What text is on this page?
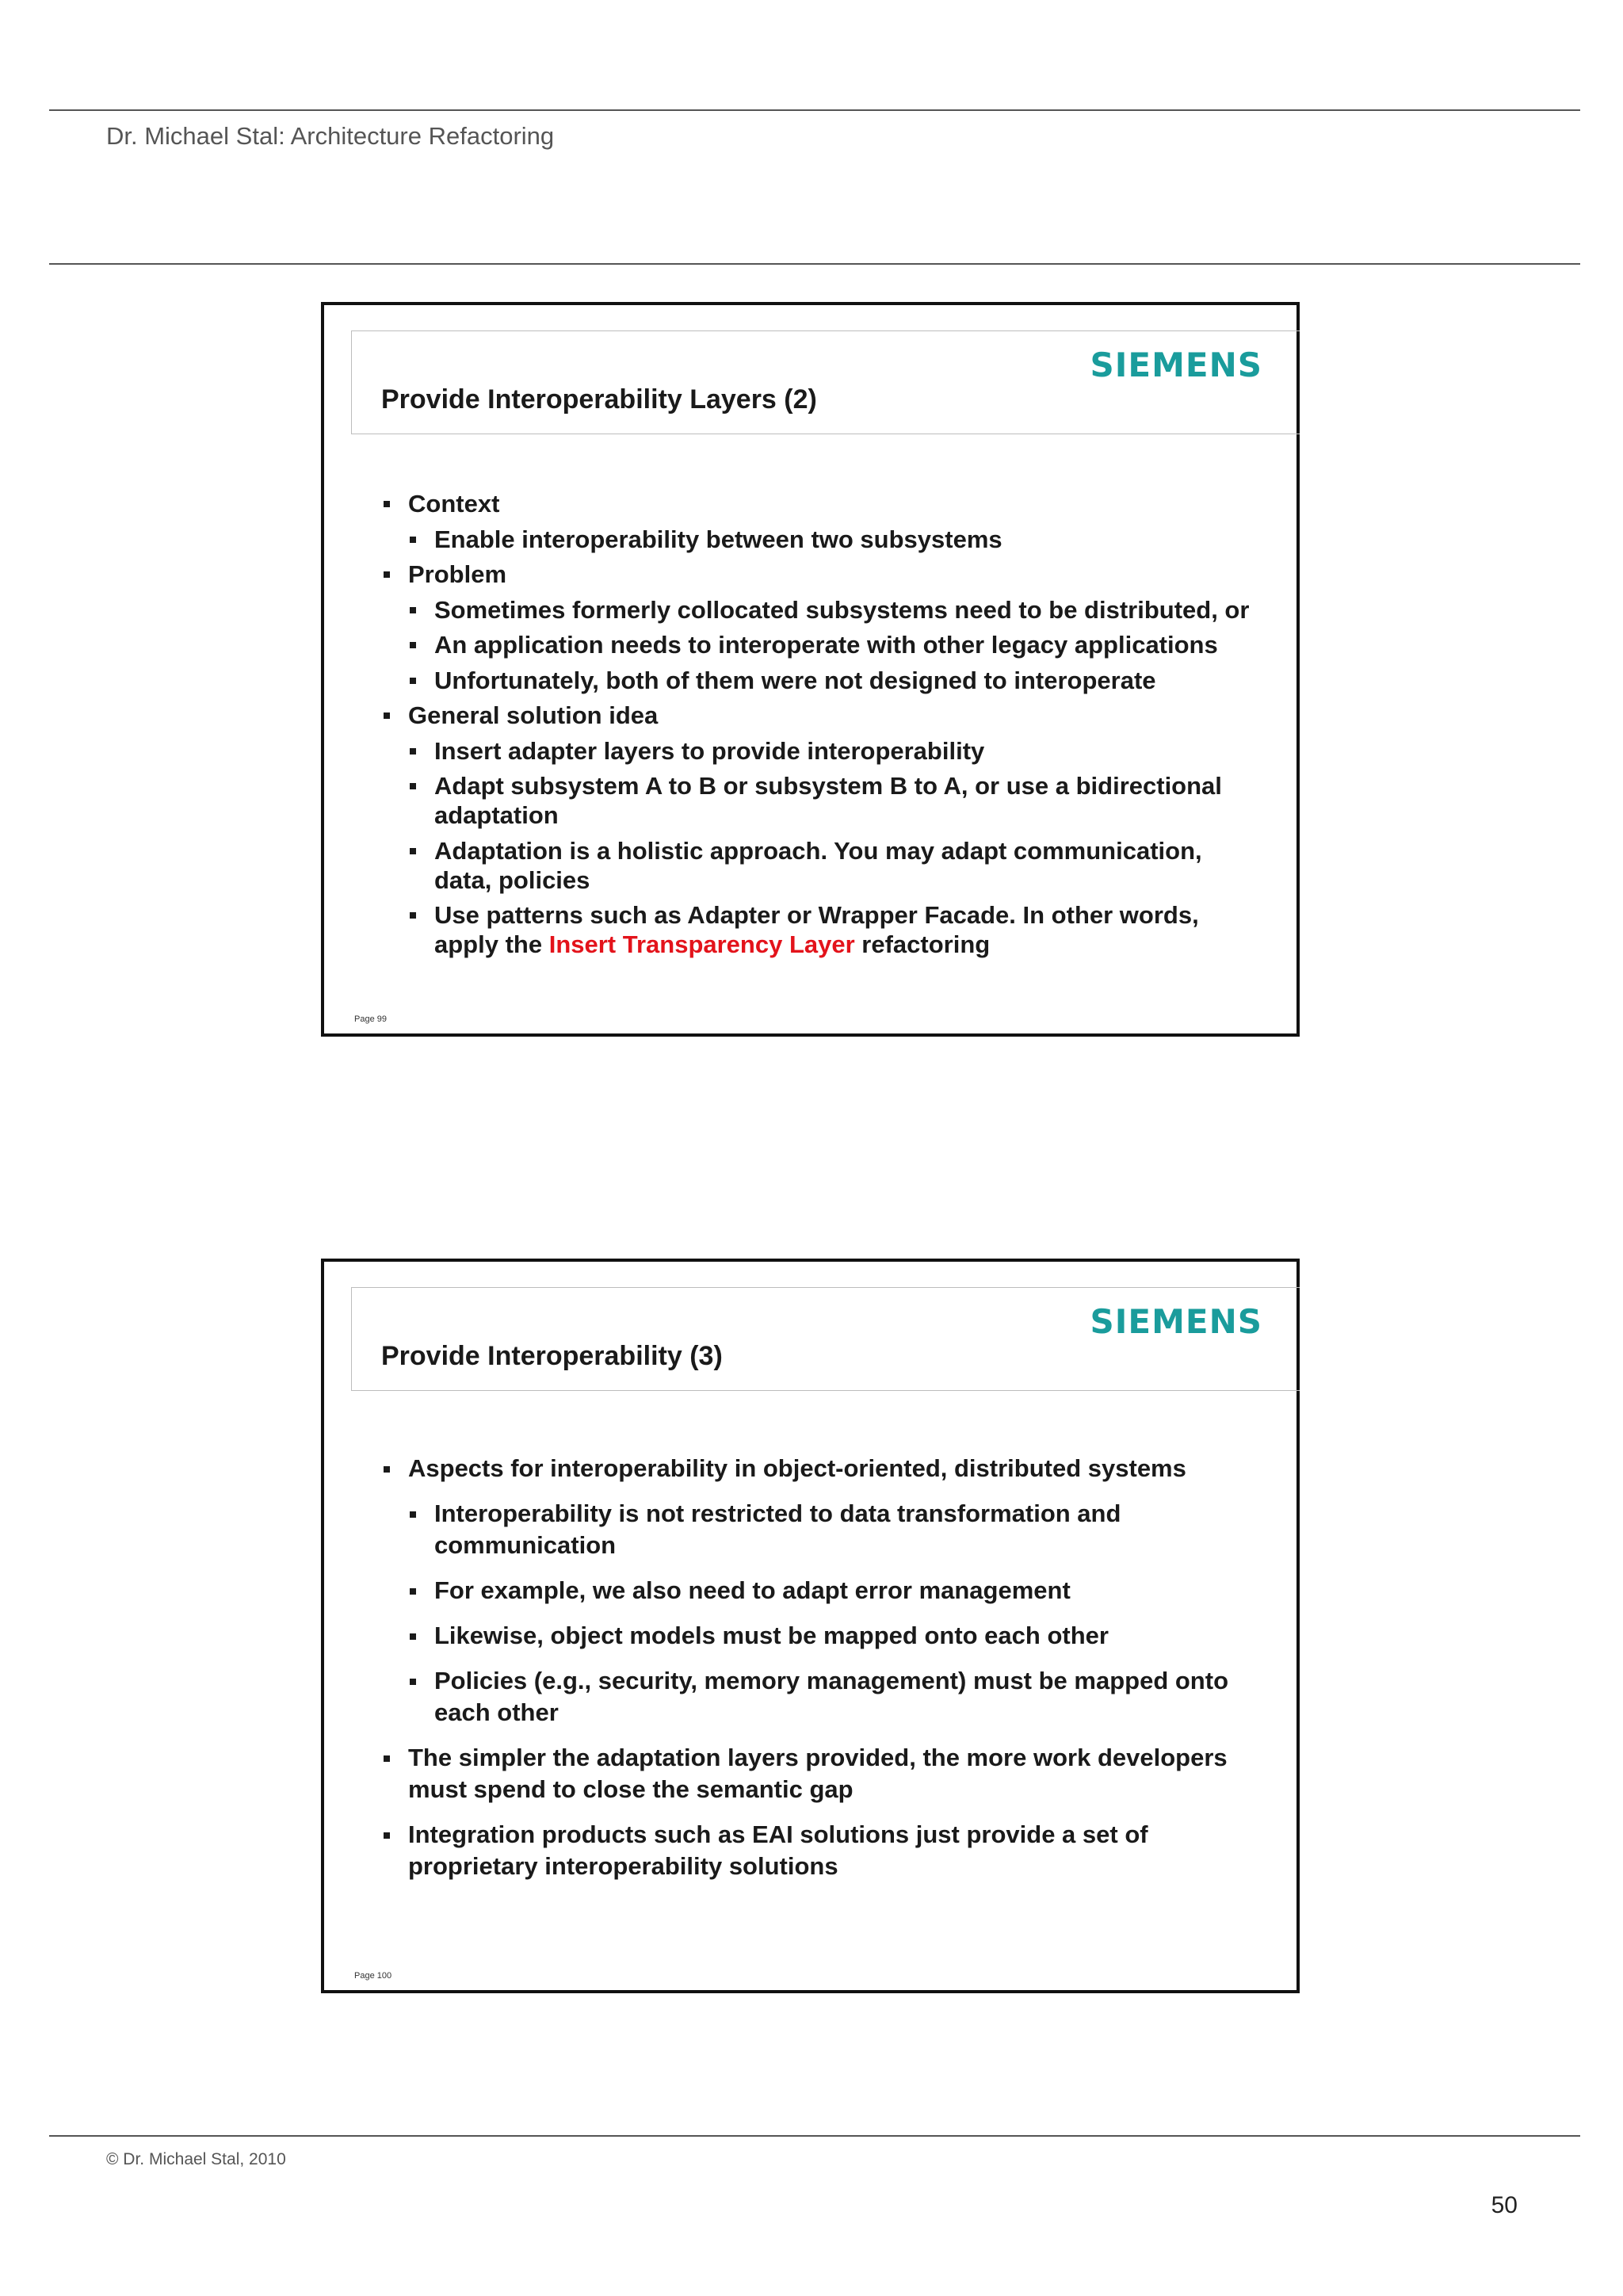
Dr. Michael Stal: Architecture Refactoring
SIEMENS
Provide Interoperability Layers (2)
Context
Enable interoperability between two subsystems
Problem
Sometimes formerly collocated subsystems need to be distributed, or
An application needs to interoperate with other legacy applications
Unfortunately, both of them were not designed to interoperate
General solution idea
Insert adapter layers to provide interoperability
Adapt subsystem A to B or subsystem B to A, or use a bidirectional adaptation
Adaptation is a holistic approach. You may adapt communication, data, policies
Use patterns such as Adapter or Wrapper Facade. In other words, apply the Insert Transparency Layer refactoring
Page 99
SIEMENS
Provide Interoperability (3)
Aspects for interoperability in object-oriented, distributed systems
Interoperability is not restricted to data transformation and communication
For example, we also need to adapt error management
Likewise, object models must be mapped onto each other
Policies (e.g., security, memory management) must be mapped onto each other
The simpler the adaptation layers provided, the more work developers must spend to close the semantic gap
Integration products such as EAI solutions just provide a set of proprietary interoperability solutions
Page 100
© Dr. Michael Stal, 2010
50
